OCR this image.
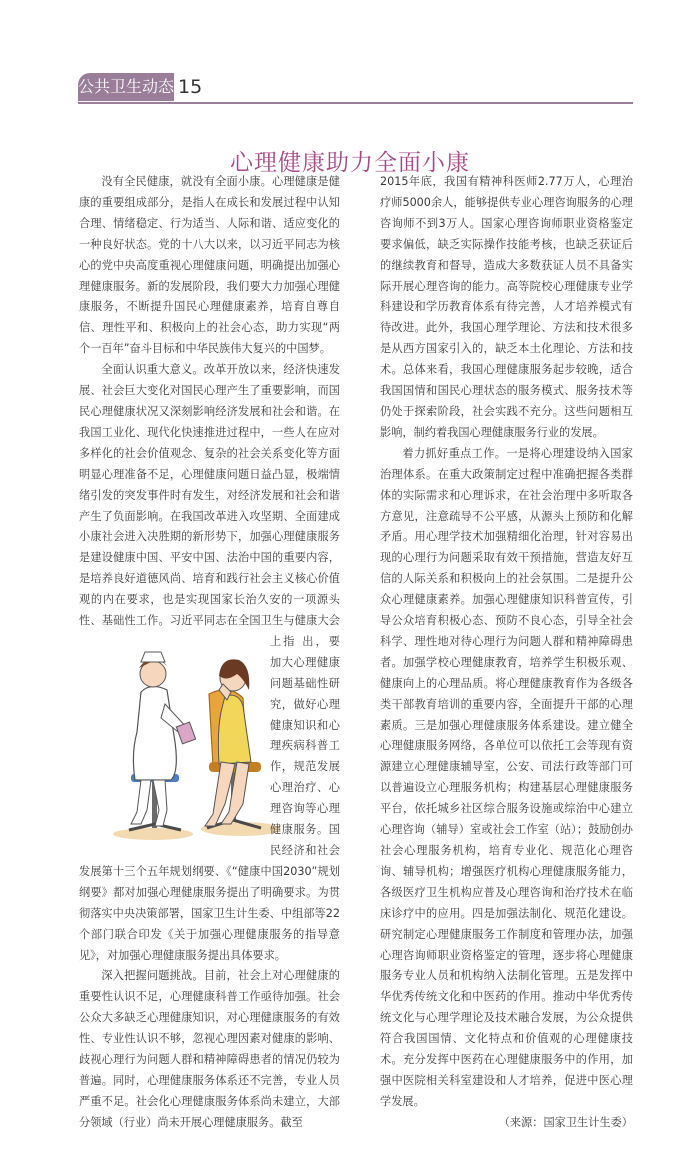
公共卫生动态 15
心理健康助力全面小康

没有全民健康，就没有全面小康。心理健康是健康的重要组成部分，是指人在成长和发展过程中认知合理、情绪稳定、行为适当、人际和谐、适应变化的一种良好状态。党的十八大以来，以习近平同志为核心的党中央高度重视心理健康问题，明确提出加强心理健康服务。新的发展阶段，我们要大力加强心理健康服务，不断提升国民心理健康素养，培育自尊自信、理性平和、积极向上的社会心态，助力实现“两个一百年”奋斗目标和中华民族伟大复兴的中国梦。

全面认识重大意义。改革开放以来，经济快速发展、社会巨大变化对国民心理产生了重要影响，而国民心理健康状况又深刻影响经济发展和社会和谐。在我国工业化、现代化快速推进过程中，一些人在应对多样化的社会价值观念、复杂的社会关系变化等方面明显心理准备不足，心理健康问题日益凸显，极端情绪引发的突发事件时有发生，对经济发展和社会和谐产生了负面影响。在我国改革进入攻坚期、全面建成小康社会进入决胜期的新形势下，加强心理健康服务是建设健康中国、平安中国、法治中国的重要内容，是培养良好道德风尚、培育和践行社会主义核心价值观的内在要求，也是实现国家长治久安的一项源头性、基础性工作。习近平同志在全国卫生与健康大会上指 出，要加大心理健康问题基础性研究，做好心理健康知识和心理疾病科普工作，规范发展心理治疗、心理咨询等心理健康服务。国民经济和社会发展第十三个五年规划纲要、《“健康中国2030”规划纲要》都对加强心理健康服务提出了明确要求。为贯彻落实中央决策部署，国家卫生计生委、中组部等22个部门联合印发《关于加强心理健康服务的指导意见》，对加强心理健康服务提出具体要求。

深入把握问题挑战。目前，社会上对心理健康的重要性认识不足，心理健康科普工作亟待加强。社会公众大多缺乏心理健康知识，对心理健康服务的有效性、专业性认识不够，忽视心理因素对健康的影响、歧视心理行为问题人群和精神障碍患者的情况仍较为普遍。同时，心理健康服务体系还不完善，专业人员严重不足。社会化心理健康服务体系尚未建立，大部分领域（行业）尚未开展心理健康服务。截至

2015年底，我国有精神科医师2.77万人，心理治疗师5000余人，能够提供专业心理咨询服务的心理咨询师不到3万人。国家心理咨询师职业资格鉴定要求偏低，缺乏实际操作技能考核，也缺乏获证后的继续教育和督导，造成大多数获证人员不具备实际开展心理咨询的能力。高等院校心理健康专业学科建设和学历教育体系有待完善，人才培养模式有待改进。此外，我国心理学理论、方法和技术很多是从西方国家引入的，缺乏本土化理论、方法和技术。总体来看，我国心理健康服务起步较晚，适合我国国情和国民心理状态的服务模式、服务技术等仍处于探索阶段，社会实践不充分。这些问题相互影响，制约着我国心理健康服务行业的发展。

着力抓好重点工作。一是将心理建设纳入国家治理体系。在重大政策制定过程中准确把握各类群体的实际需求和心理诉求，在社会治理中多听取各方意见，注意疏导不公平感，从源头上预防和化解矛盾。用心理学技术加强精细化治理，针对容易出现的心理行为问题采取有效干预措施，营造友好互信的人际关系和积极向上的社会氛围。二是提升公众心理健康素养。加强心理健康知识科普宣传，引导公众培育积极心态、预防不良心态，引导全社会科学、理性地对待心理行为问题人群和精神障碍患者。加强学校心理健康教育，培养学生积极乐观、健康向上的心理品质。将心理健康教育作为各级各类干部教育培训的重要内容，全面提升干部的心理素质。三是加强心理健康服务体系建设。建立健全心理健康服务网络，各单位可以依托工会等现有资源建立心理健康辅导室，公安、司法行政等部门可以普遍设立心理服务机构；构建基层心理健康服务平台，依托城乡社区综合服务设施或综治中心建立心理咨询（辅导）室或社会工作室（站）；鼓励创办社会心理服务机构，培育专业化、规范化心理咨询、辅导机构；增强医疗机构心理健康服务能力，各级医疗卫生机构应普及心理咨询和治疗技术在临床诊疗中的应用。四是加强法制化、规范化建设。研究制定心理健康服务工作制度和管理办法，加强心理咨询师职业资格鉴定的管理，逐步将心理健康服务专业人员和机构纳入法制化管理。五是发挥中华优秀传统文化和中医药的作用。推动中华优秀传统文化与心理学理论及技术融合发展，为公众提供符合我国国情、文化特点和价值观的心理健康技术。充分发挥中医药在心理健康服务中的作用，加强中医院相关科室建设和人才培养，促进中医心理学发展。

（来源：国家卫生计生委）
